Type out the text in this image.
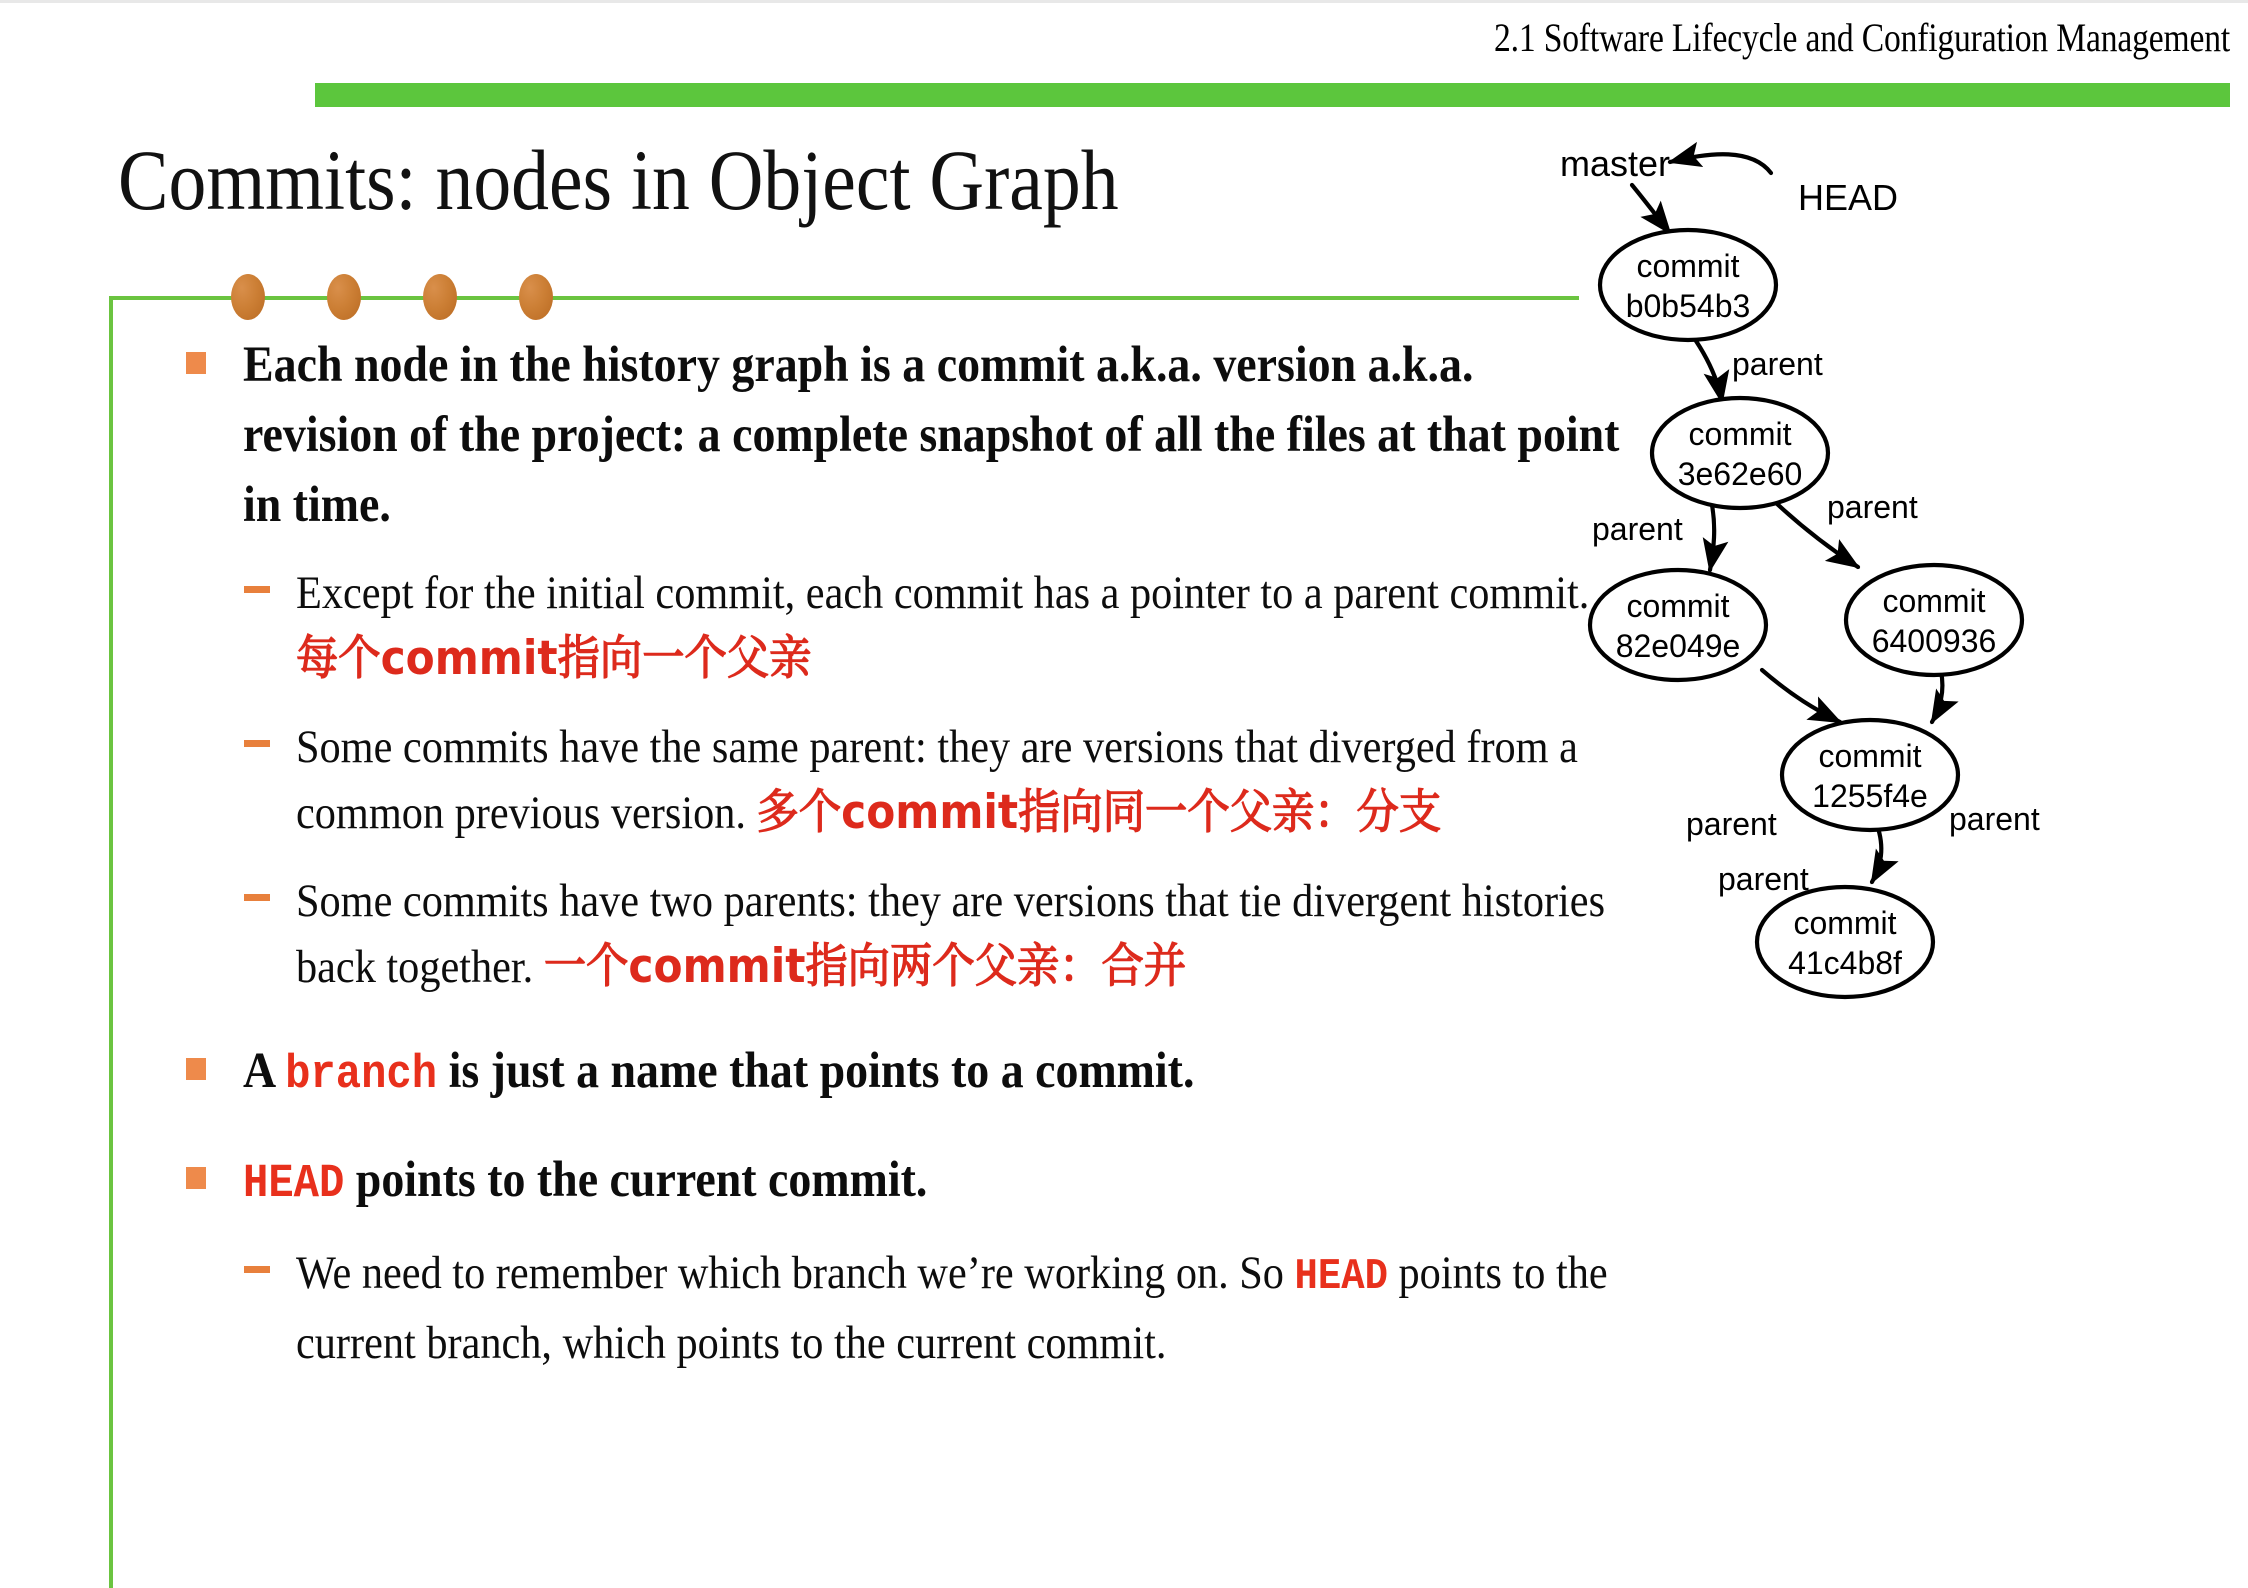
2.1 Software Lifecycle and Configuration Management
Commits: nodes in Object Graph
Each node in the history graph is a commit a.k.a. version a.k.a. revision of the project: a complete snapshot of all the files at that point in time.
Except for the initial commit, each commit has a pointer to a parent commit. 每个commit指向一个父亲
Some commits have the same parent: they are versions that diverged from a common previous version. 多个commit指向同一个父亲：分支
Some commits have two parents: they are versions that tie divergent histories back together. 一个commit指向两个父亲：合并
A branch is just a name that points to a commit.
HEAD points to the current commit.
We need to remember which branch we’re working on. So HEAD points to the current branch, which points to the current commit.
commit
b0b54b3
commit
3e62e60
commit
82e049e
commit
6400936
commit
1255f4e
commit
41c4b8f
master
HEAD
parent
parent
parent
parent	parent
parent
